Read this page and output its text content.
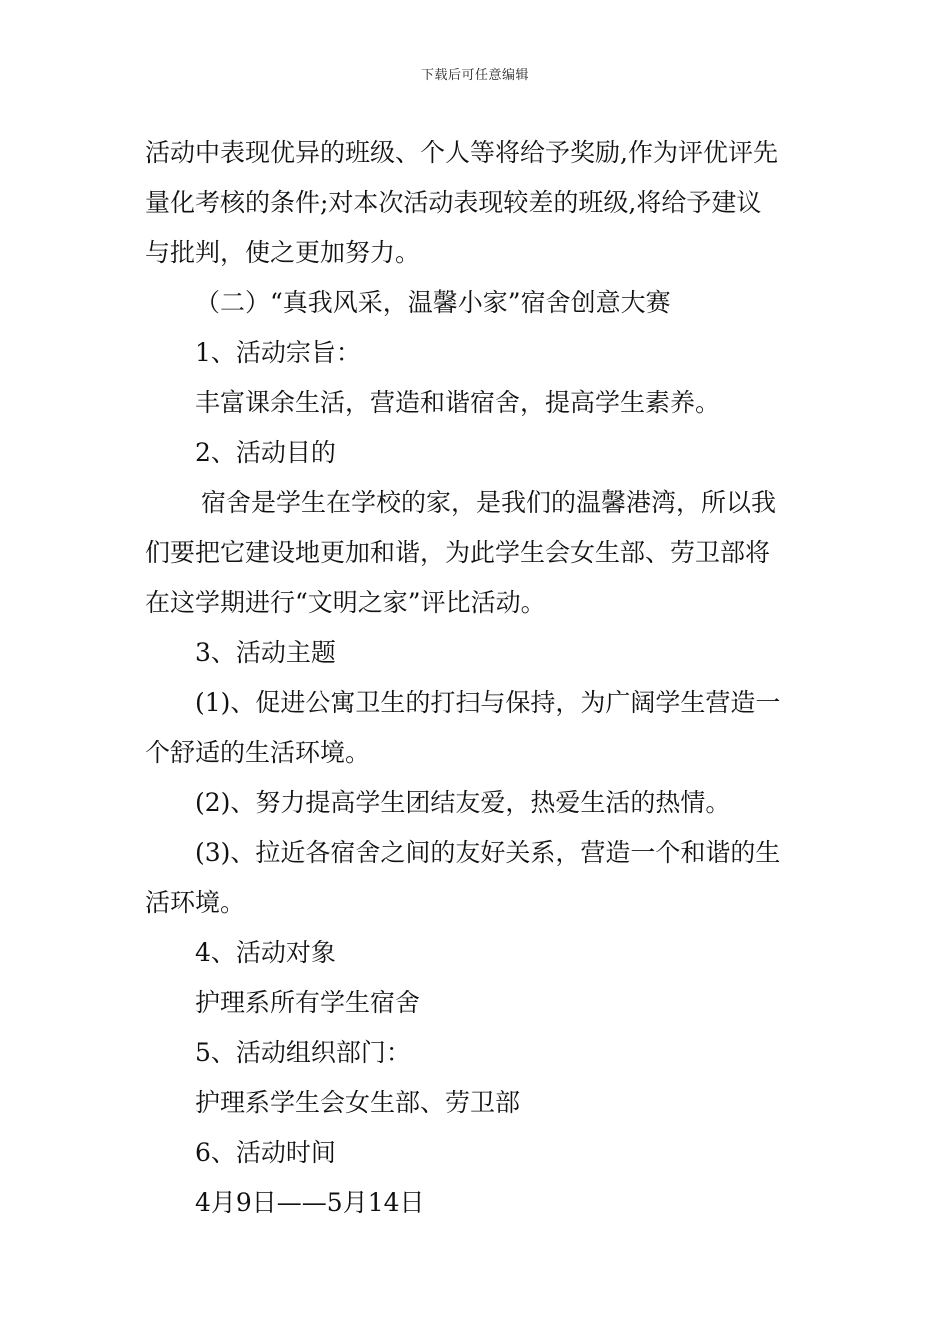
下载后可任意编辑

活动中表现优异的班级、个人等将给予奖励,作为评优评先

量化考核的条件;对本次活动表现较差的班级,将给予建议

与批判，使之更加努力。

（二）“真我风采，温馨小家”宿舍创意大赛

1、活动宗旨：

丰富课余生活，营造和谐宿舍，提高学生素养。

2、活动目的

宿舍是学生在学校的家，是我们的温馨港湾，所以我

们要把它建设地更加和谐，为此学生会女生部、劳卫部将

在这学期进行“文明之家”评比活动。

3、活动主题

(1)、促进公寓卫生的打扫与保持，为广阔学生营造一

个舒适的生活环境。

(2)、努力提高学生团结友爱，热爱生活的热情。

(3)、拉近各宿舍之间的友好关系，营造一个和谐的生

活环境。

4、活动对象

护理系所有学生宿舍

5、活动组织部门：

护理系学生会女生部、劳卫部

6、活动时间

4月9日——5月14日
